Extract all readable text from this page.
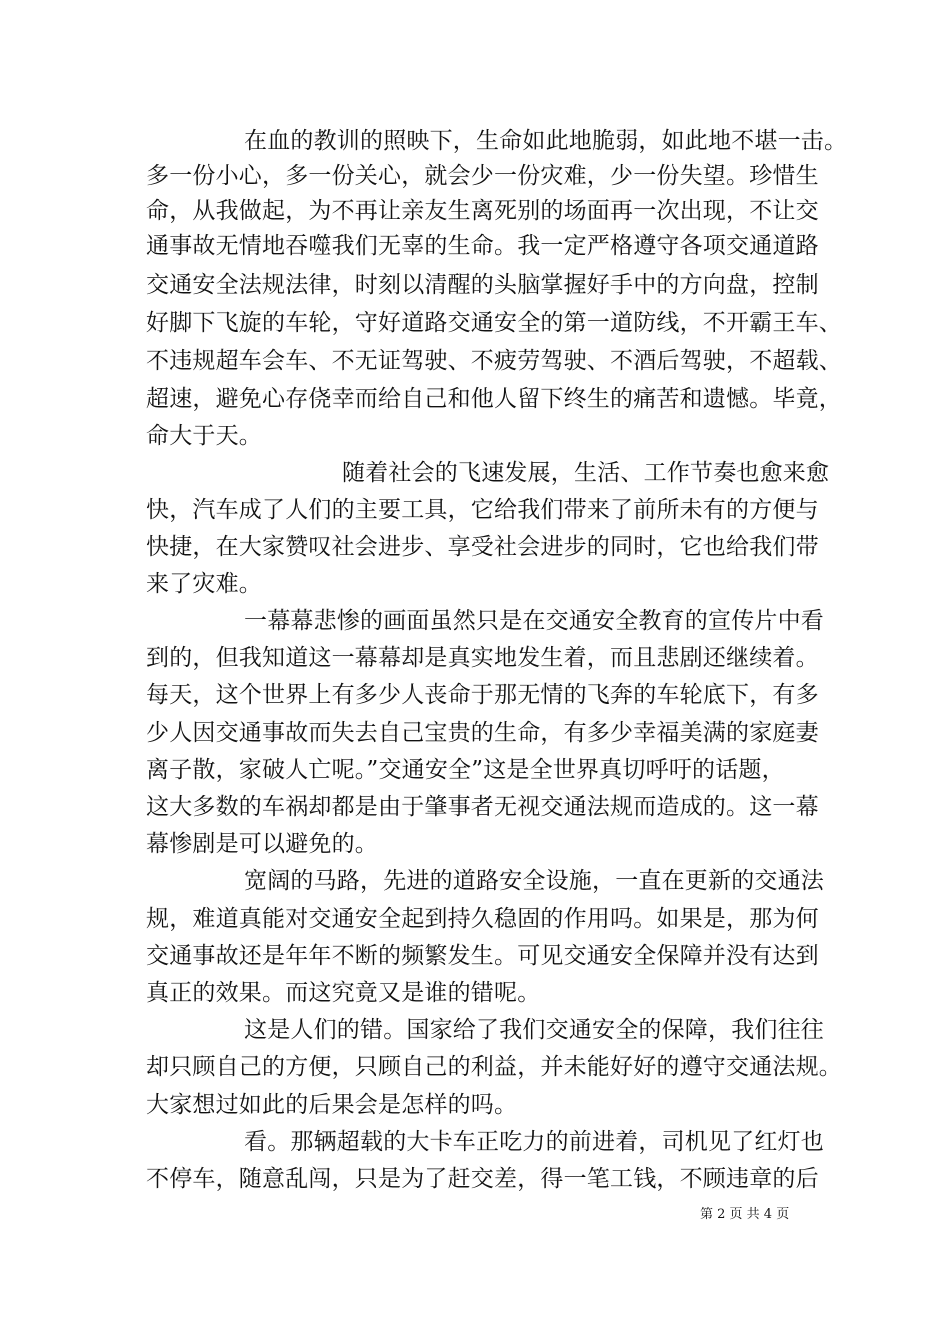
在血的教训的照映下，生命如此地脆弱，如此地不堪一击。
多一份小心，多一份关心，就会少一份灾难，少一份失望。珍惜生
命，从我做起，为不再让亲友生离死别的场面再一次出现，不让交
通事故无情地吞噬我们无辜的生命。我一定严格遵守各项交通道路
交通安全法规法律，时刻以清醒的头脑掌握好手中的方向盘，控制
好脚下飞旋的车轮，守好道路交通安全的第一道防线，不开霸王车、
不违规超车会车、不无证驾驶、不疲劳驾驶、不酒后驾驶，不超载、
超速，避免心存侥幸而给自己和他人留下终生的痛苦和遗憾。毕竟，
命大于天。
随着社会的飞速发展，生活、工作节奏也愈来愈
快，汽车成了人们的主要工具，它给我们带来了前所未有的方便与
快捷，在大家赞叹社会进步、享受社会进步的同时，它也给我们带
来了灾难。
一幕幕悲惨的画面虽然只是在交通安全教育的宣传片中看
到的，但我知道这一幕幕却是真实地发生着，而且悲剧还继续着。
每天，这个世界上有多少人丧命于那无情的飞奔的车轮底下，有多
少人因交通事故而失去自己宝贵的生命，有多少幸福美满的家庭妻
离子散，家破人亡呢。”交通安全”这是全世界真切呼吁的话题，
这大多数的车祸却都是由于肇事者无视交通法规而造成的。这一幕
幕惨剧是可以避免的。
宽阔的马路，先进的道路安全设施，一直在更新的交通法
规，难道真能对交通安全起到持久稳固的作用吗。如果是，那为何
交通事故还是年年不断的频繁发生。可见交通安全保障并没有达到
真正的效果。而这究竟又是谁的错呢。
这是人们的错。国家给了我们交通安全的保障，我们往往
却只顾自己的方便，只顾自己的利益，并未能好好的遵守交通法规。
大家想过如此的后果会是怎样的吗。
看。那辆超载的大卡车正吃力的前进着，司机见了红灯也
不停车，随意乱闯，只是为了赶交差，得一笔工钱，不顾违章的后
第 2 页 共 4 页
